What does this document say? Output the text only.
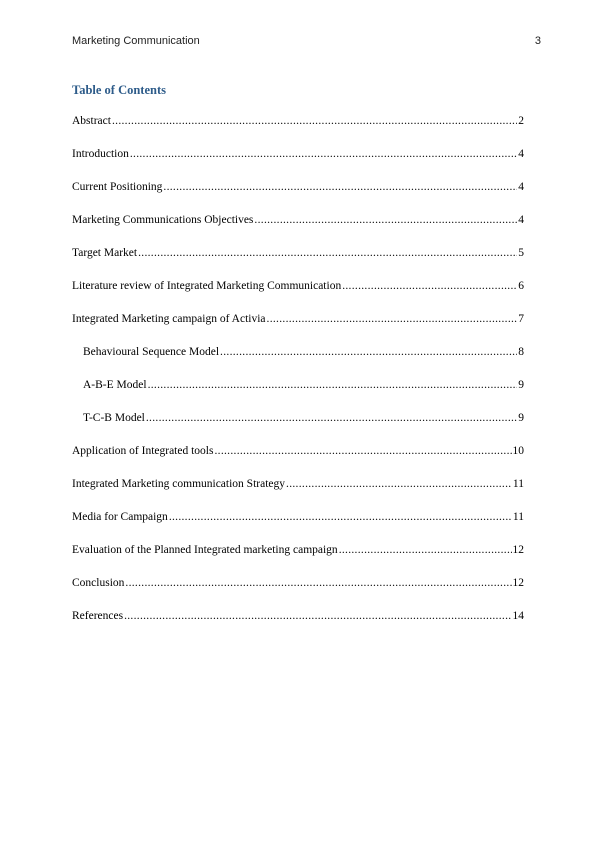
Marketing Communication	3
Table of Contents
Abstract .....	2
Introduction .....	4
Current Positioning .....	4
Marketing Communications Objectives .....	4
Target Market .....	5
Literature review of Integrated Marketing Communication .....	6
Integrated Marketing campaign of Activia .....	7
Behavioural Sequence Model .....	8
A-B-E Model .....	9
T-C-B Model .....	9
Application of Integrated tools .....	10
Integrated Marketing communication Strategy .....	11
Media for Campaign .....	11
Evaluation of the Planned Integrated marketing campaign .....	12
Conclusion .....	12
References .....	14
